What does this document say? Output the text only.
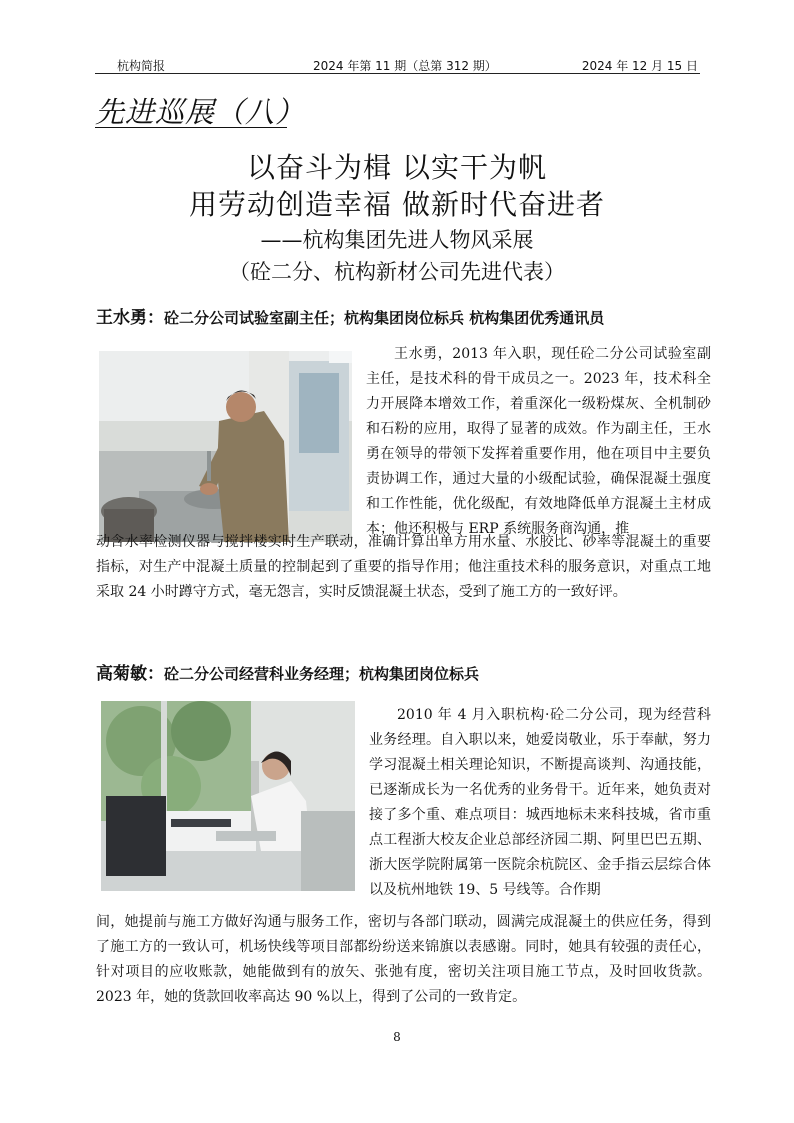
杭构简报	2024 年第 11 期（总第 312 期）	2024 年 12 月 15 日
先进巡展（八）
以奋斗为楫 以实干为帆
用劳动创造幸福 做新时代奋进者
——杭构集团先进人物风采展
（砼二分、杭构新材公司先进代表）
王水勇：砼二分公司试验室副主任；杭构集团岗位标兵 杭构集团优秀通讯员
王水勇，2013 年入职，现任砼二分公司试验室副主任，是技术科的骨干成员之一。2023 年，技术科全力开展降本增效工作，着重深化一级粉煤灰、全机制砂和石粉的应用，取得了显著的成效。作为副主任，王水勇在领导的带领下发挥着重要作用，他在项目中主要负责协调工作，通过大量的小级配试验，确保混凝土强度和工作性能，优化级配，有效地降低单方混凝土主材成本；他还积极与 ERP 系统服务商沟通，推
动含水率检测仪器与搅拌楼实时生产联动，准确计算出单方用水量、水胶比、砂率等混凝土的重要指标，对生产中混凝土质量的控制起到了重要的指导作用；他注重技术科的服务意识，对重点工地采取 24 小时蹲守方式，毫无怨言，实时反馈混凝土状态，受到了施工方的一致好评。
高菊敏：砼二分公司经营科业务经理；杭构集团岗位标兵
2010 年 4 月入职杭构·砼二分公司，现为经营科业务经理。自入职以来，她爱岗敬业，乐于奉献，努力学习混凝土相关理论知识，不断提高谈判、沟通技能，已逐渐成长为一名优秀的业务骨干。近年来，她负责对接了多个重、难点项目：城西地标未来科技城，省市重点工程浙大校友企业总部经济园二期、阿里巴巴五期、浙大医学院附属第一医院余杭院区、金手指云层综合体以及杭州地铁 19、5 号线等。合作期
间，她提前与施工方做好沟通与服务工作，密切与各部门联动，圆满完成混凝土的供应任务，得到了施工方的一致认可，机场快线等项目部都纷纷送来锦旗以表感谢。同时，她具有较强的责任心，针对项目的应收账款，她能做到有的放矢、张弛有度，密切关注项目施工节点，及时回收货款。2023 年，她的货款回收率高达 90 %以上，得到了公司的一致肯定。
8
